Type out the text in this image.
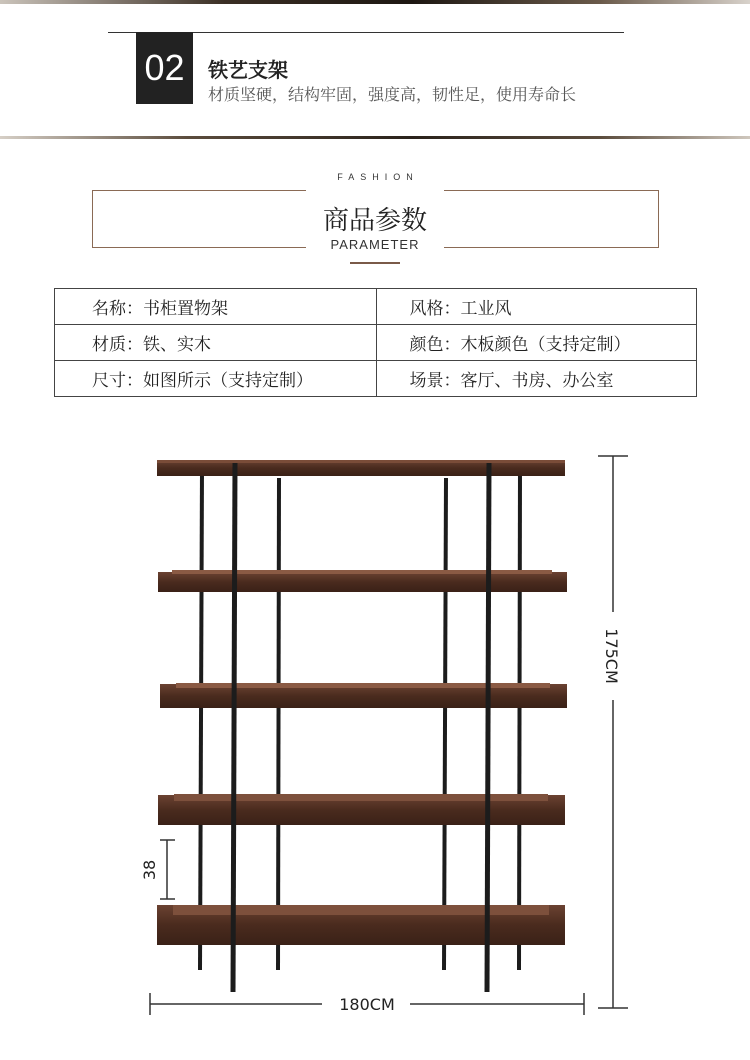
02 铁艺支架
材质坚硬，结构牢固，强度高，韧性足，使用寿命长
FASHION
商品参数
PARAMETER
名称：书柜置物架	风格：工业风
材质：铁、实木	颜色：木板颜色（支持定制）
尺寸：如图所示（支持定制）	场景：客厅、书房、办公室
175CM
180CM
38
